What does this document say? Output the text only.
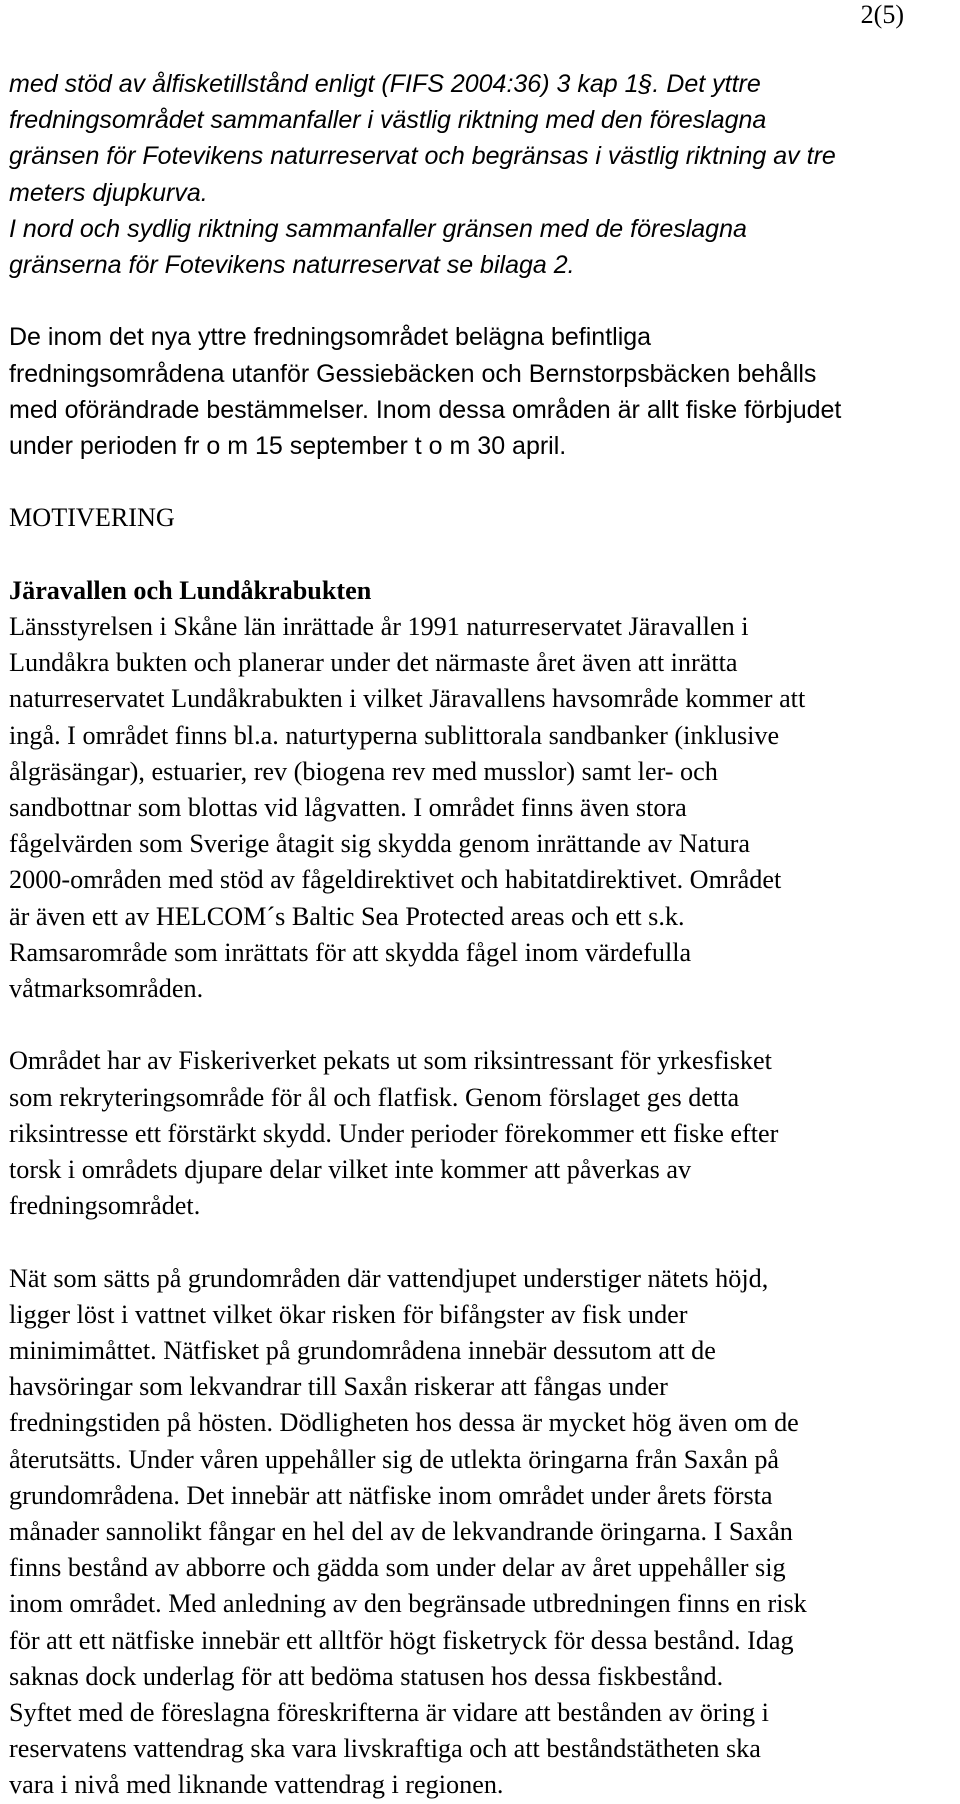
2(5)
med stöd av ålfisketillstånd enligt (FIFS 2004:36) 3 kap 1§. Det yttre
fredningsområdet sammanfaller i västlig riktning med den föreslagna
gränsen för Fotevikens naturreservat och begränsas i västlig riktning av tre
meters djupkurva.
I nord och sydlig riktning sammanfaller gränsen med de föreslagna
gränserna för Fotevikens naturreservat se bilaga 2.
De inom det nya yttre fredningsområdet belägna befintliga
fredningsområdena utanför Gessiebäcken och Bernstorpsbäcken behålls
med oförändrade bestämmelser. Inom dessa områden är allt fiske förbjudet
under perioden fr o m 15 september t o m 30 april.
MOTIVERING
Järavallen och Lundåkrabukten
Länsstyrelsen i Skåne län inrättade år 1991 naturreservatet Järavallen i
Lundåkra bukten och planerar under det närmaste året även att inrätta
naturreservatet Lundåkrabukten i vilket Järavallens havsområde kommer att
ingå. I området finns bl.a. naturtyperna sublittorala sandbanker (inklusive
ålgräsängar), estuarier, rev (biogena rev med musslor) samt ler- och
sandbottnar som blottas vid lågvatten. I området finns även stora
fågelvärden som Sverige åtagit sig skydda genom inrättande av Natura
2000-områden med stöd av fågeldirektivet och habitatdirektivet. Området
är även ett av HELCOM´s Baltic Sea Protected areas och ett s.k.
Ramsarområde som inrättats för att skydda fågel inom värdefulla
våtmarksområden.
Området har av Fiskeriverket pekats ut som riksintressant för yrkesfisket
som rekryteringsområde för ål och flatfisk. Genom förslaget ges detta
riksintresse ett förstärkt skydd. Under perioder förekommer ett fiske efter
torsk i områdets djupare delar vilket inte kommer att påverkas av
fredningsområdet.
Nät som sätts på grundområden där vattendjupet understiger nätets höjd,
ligger löst i vattnet vilket ökar risken för bifångster av fisk under
minimimåttet. Nätfisket på grundområdena innebär dessutom att de
havsöringar som lekvandrar till Saxån riskerar att fångas under
fredningstiden på hösten. Dödligheten hos dessa är mycket hög även om de
återutsätts. Under våren uppehåller sig de utlekta öringarna från Saxån på
grundområdena. Det innebär att nätfiske inom området under årets första
månader sannolikt fångar en hel del av de lekvandrande öringarna. I Saxån
finns bestånd av abborre och gädda som under delar av året uppehåller sig
inom området. Med anledning av den begränsade utbredningen finns en risk
för att ett nätfiske innebär ett alltför högt fisketryck för dessa bestånd. Idag
saknas dock underlag för att bedöma statusen hos dessa fiskbestånd.
Syftet med de föreslagna föreskrifterna är vidare att bestånden av öring i
reservatens vattendrag ska vara livskraftiga och att beståndstätheten ska
vara i nivå med liknande vattendrag i regionen.
